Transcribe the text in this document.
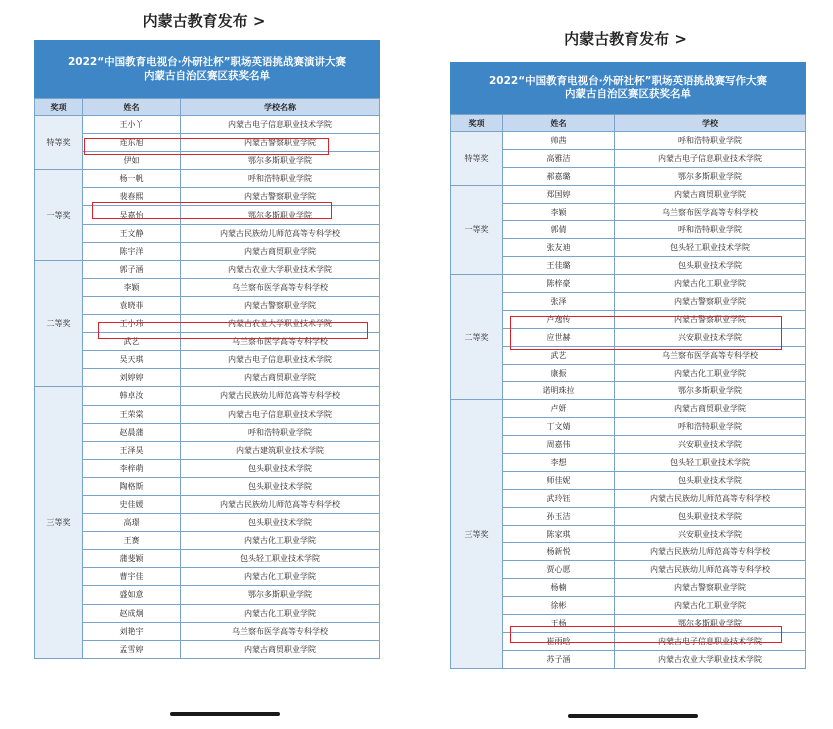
内蒙古教育发布 >
2022“中国教育电视台·外研社杯”职场英语挑战赛演讲大赛
内蒙古自治区赛区获奖名单
奖项	姓名	学校名称
特等奖	王小丫	内蒙古电子信息职业技术学院
	连东旭	内蒙古警察职业学院
	伊如	鄂尔多斯职业学院
一等奖	杨一帆	呼和浩特职业学院
	裴春熙	内蒙古警察职业学院
	吴嘉怡	鄂尔多斯职业学院
	王文静	内蒙古民族幼儿师范高等专科学校
	陈宇洋	内蒙古商贸职业学院
二等奖	郭子涵	内蒙古农业大学职业技术学院
	李颖	乌兰察布医学高等专科学校
	袁晓菲	内蒙古警察职业学院
	王小玮	内蒙古农业大学职业技术学院
	武艺	乌兰察布医学高等专科学校
	吴天琪	内蒙古电子信息职业技术学院
	刘婷婷	内蒙古商贸职业学院
三等奖	韩卓汝	内蒙古民族幼儿师范高等专科学校
	王荣棠	内蒙古电子信息职业技术学院
	赵晨蒲	呼和浩特职业学院
	王泽昊	内蒙古建筑职业技术学院
	李梓萌	包头职业技术学院
	陶格斯	包头职业技术学院
	史佳媛	内蒙古民族幼儿师范高等专科学校
	高璟	包头职业技术学院
	王赛	内蒙古化工职业学院
	蒲斐颖	包头轻工职业技术学院
	曹宇佳	内蒙古化工职业学院
	盛如意	鄂尔多斯职业学院
	赵成炯	内蒙古化工职业学院
	刘艳宇	乌兰察布医学高等专科学校
	孟雪婷	内蒙古商贸职业学院
内蒙古教育发布 >
2022“中国教育电视台·外研社杯”职场英语挑战赛写作大赛
内蒙古自治区赛区获奖名单
奖项	姓名	学校
特等奖	帅茜	呼和浩特职业学院
	高雅洁	内蒙古电子信息职业技术学院
	郝嘉璐	鄂尔多斯职业学院
一等奖	郑国婷	内蒙古商贸职业学院
	李颖	乌兰察布医学高等专科学校
	郭倩	呼和浩特职业学院
	张友迪	包头轻工职业技术学院
	王佳璐	包头职业技术学院
二等奖	陈梓豪	内蒙古化工职业学院
	张泽	内蒙古警察职业学院
	卢逸传	内蒙古警察职业学院
	应世赫	兴安职业技术学院
	武艺	乌兰察布医学高等专科学校
	康振	内蒙古化工职业学院
	诺明珠拉	鄂尔多斯职业学院
三等奖	卢妍	内蒙古商贸职业学院
	丁文婧	呼和浩特职业学院
	周嘉伟	兴安职业技术学院
	李想	包头轻工职业技术学院
	师佳妮	包头职业技术学院
	武玲钰	内蒙古民族幼儿师范高等专科学校
	孙玉洁	包头职业技术学院
	陈家琪	兴安职业技术学院
	杨新悦	内蒙古民族幼儿师范高等专科学校
	贾心愿	内蒙古民族幼儿师范高等专科学校
	杨楠	内蒙古警察职业学院
	徐彬	内蒙古化工职业学院
	王杨	鄂尔多斯职业学院
	崔雨晗	内蒙古电子信息职业技术学院
	苏子涵	内蒙古农业大学职业技术学院
